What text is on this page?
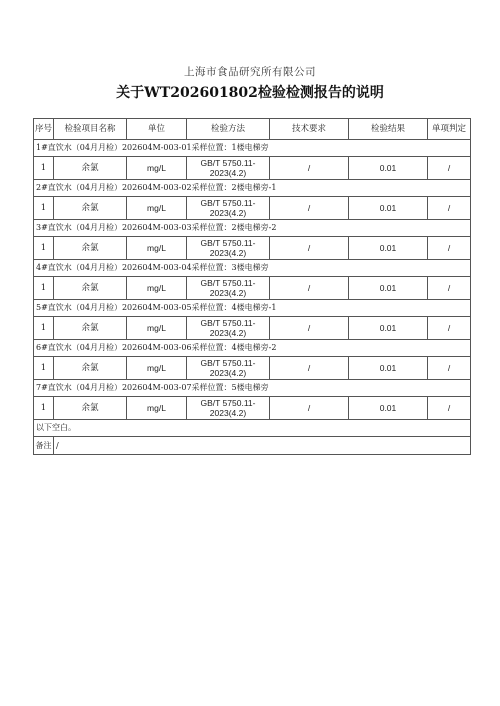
上海市食品研究所有限公司
关于WT202601802检验检测报告的说明
序号	检验项目名称	单位	检验方法	技术要求	检验结果	单项判定
1#直饮水（04月月检）202604M-003-01采样位置：1楼电梯旁						
1	余氯	mg/L	GB/T 5750.11-2023(4.2)	/	0.01	/
2#直饮水（04月月检）202604M-003-02采样位置：2楼电梯旁-1						
1	余氯	mg/L	GB/T 5750.11-2023(4.2)	/	0.01	/
3#直饮水（04月月检）202604M-003-03采样位置：2楼电梯旁-2						
1	余氯	mg/L	GB/T 5750.11-2023(4.2)	/	0.01	/
4#直饮水（04月月检）202604M-003-04采样位置：3楼电梯旁						
1	余氯	mg/L	GB/T 5750.11-2023(4.2)	/	0.01	/
5#直饮水（04月月检）202604M-003-05采样位置：4楼电梯旁-1						
1	余氯	mg/L	GB/T 5750.11-2023(4.2)	/	0.01	/
6#直饮水（04月月检）202604M-003-06采样位置：4楼电梯旁-2						
1	余氯	mg/L	GB/T 5750.11-2023(4.2)	/	0.01	/
7#直饮水（04月月检）202604M-003-07采样位置：5楼电梯旁						
1	余氯	mg/L	GB/T 5750.11-2023(4.2)	/	0.01	/
以下空白。						
备注	/					
